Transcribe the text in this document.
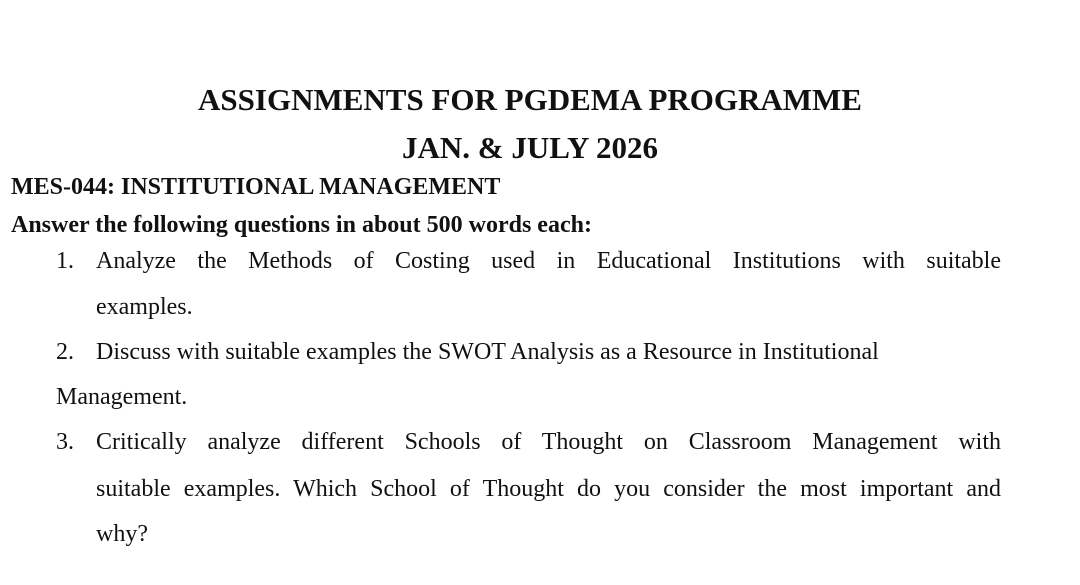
ASSIGNMENTS FOR PGDEMA PROGRAMME
JAN. & JULY 2026
MES-044: INSTITUTIONAL MANAGEMENT
Answer the following questions in about 500 words each:
1. Analyze the Methods of Costing used in Educational Institutions with suitable
examples.
2. Discuss with suitable examples the SWOT Analysis as a Resource in Institutional
Management.
3. Critically analyze different Schools of Thought on Classroom Management with
suitable examples. Which School of Thought do you consider the most important and
why?
